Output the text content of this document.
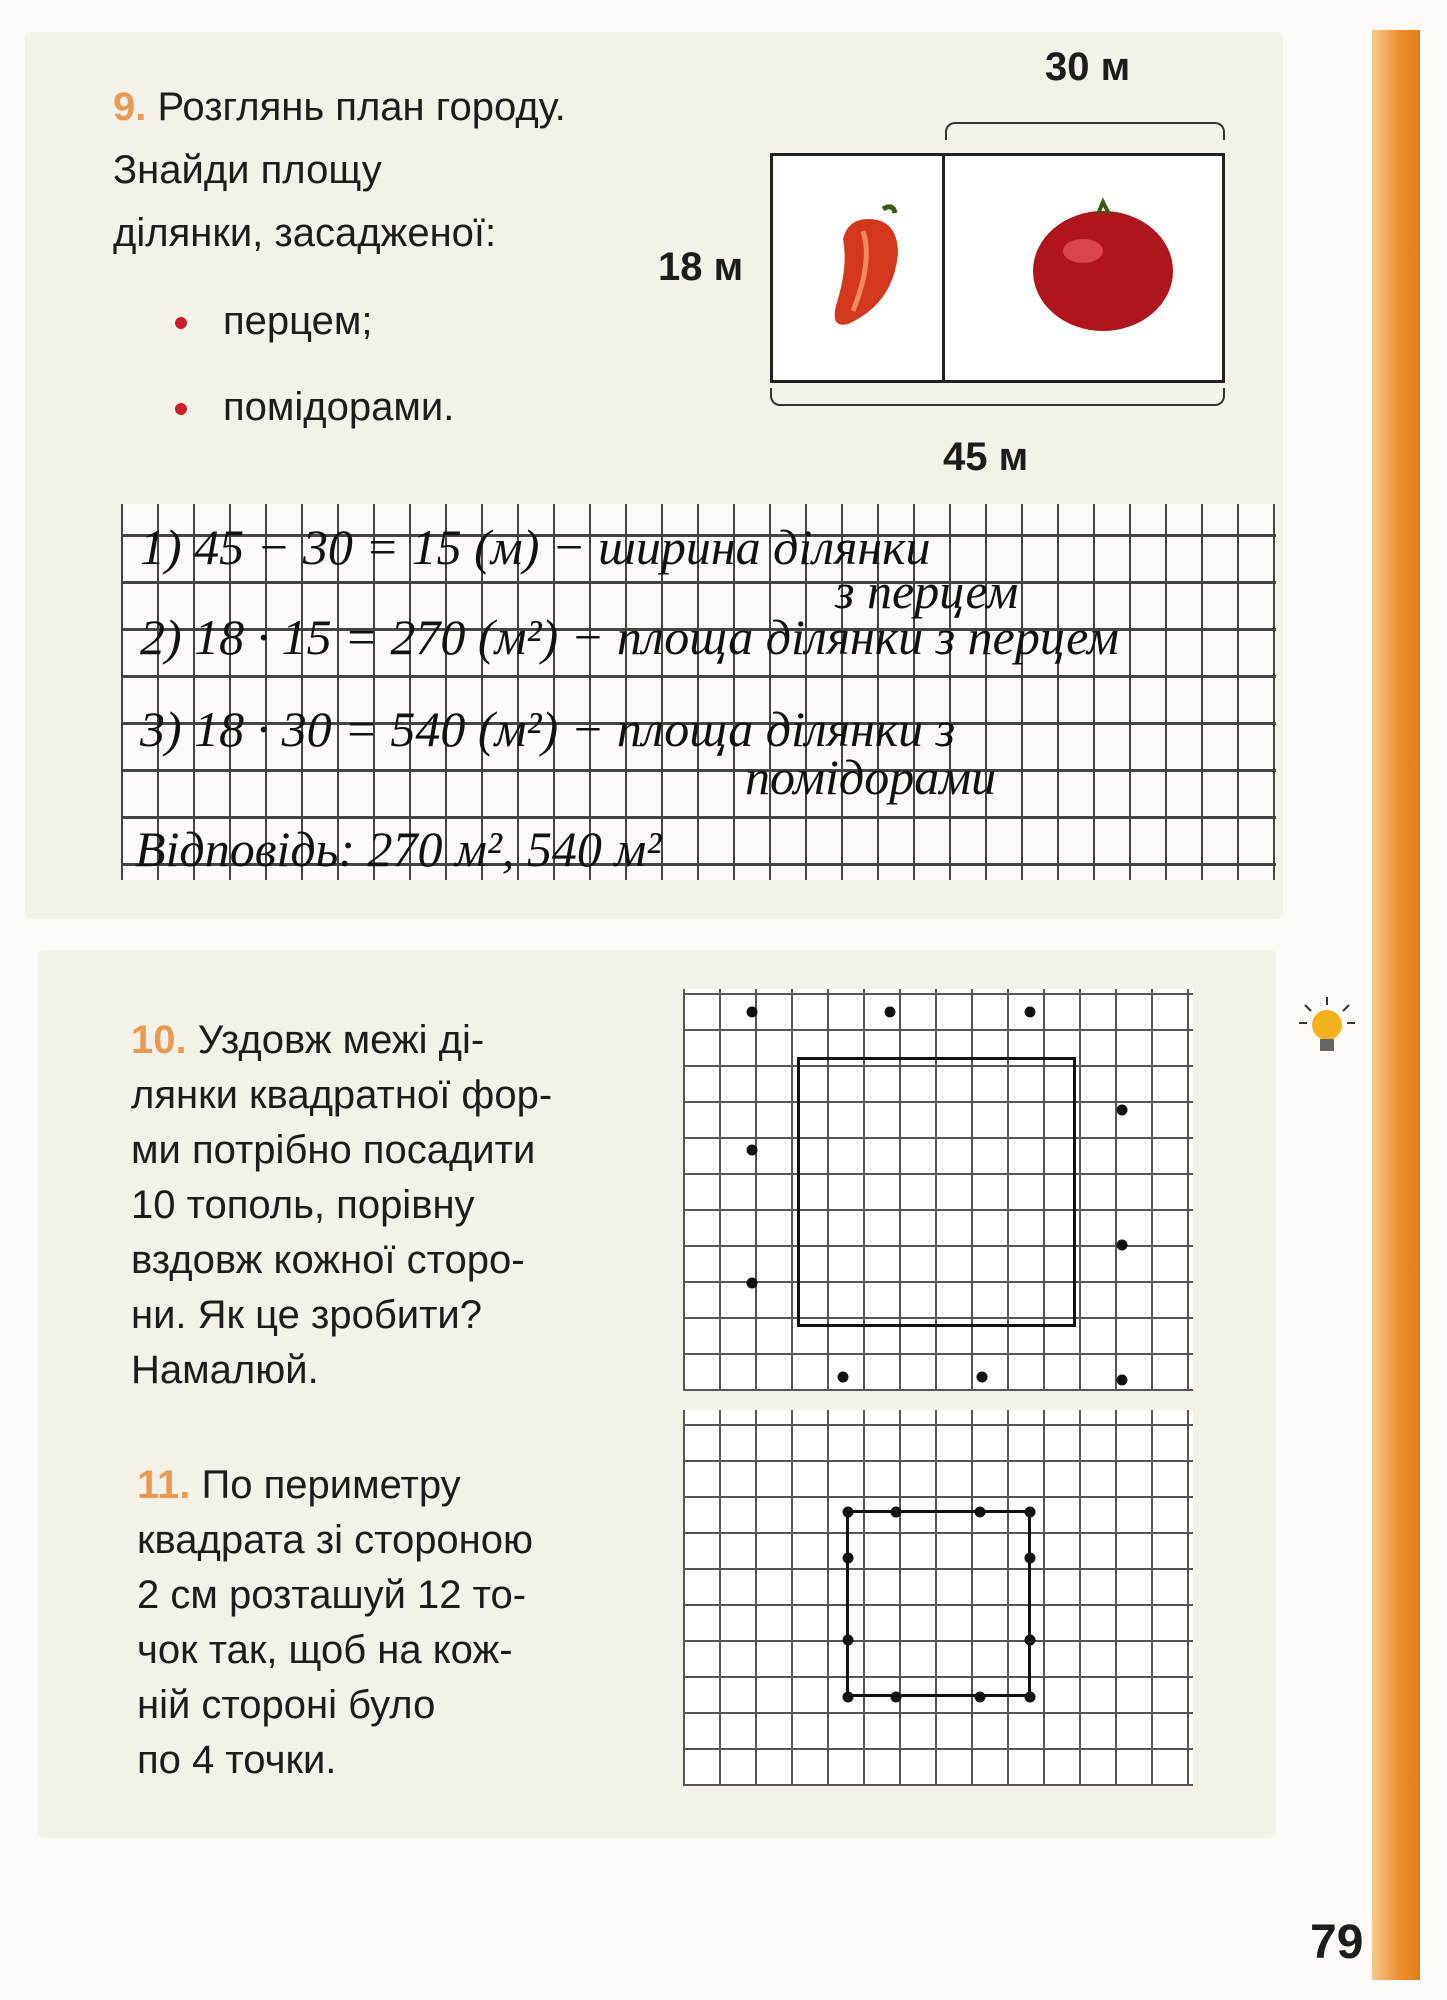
9. Розглянь план городу.
Знайди площу
ділянки, засадженої:
перцем;
помідорами.
30 м
18 м
45 м
1) 45 − 30 = 15 (м) − ширина ділянки
з перцем
2) 18 · 15 = 270 (м²) − площа ділянки з перцем
3) 18 · 30 = 540 (м²) − площа ділянки з
помідорами
Відповідь: 270 м², 540 м²
10. Уздовж межі ді-
лянки квадратної фор-
ми потрібно посадити
10 тополь, порівну
вздовж кожної сторо-
ни. Як це зробити?
Намалюй.
11. По периметру
квадрата зі стороною
2 см розташуй 12 то-
чок так, щоб на кож-
ній стороні було
по 4 точки.
79
